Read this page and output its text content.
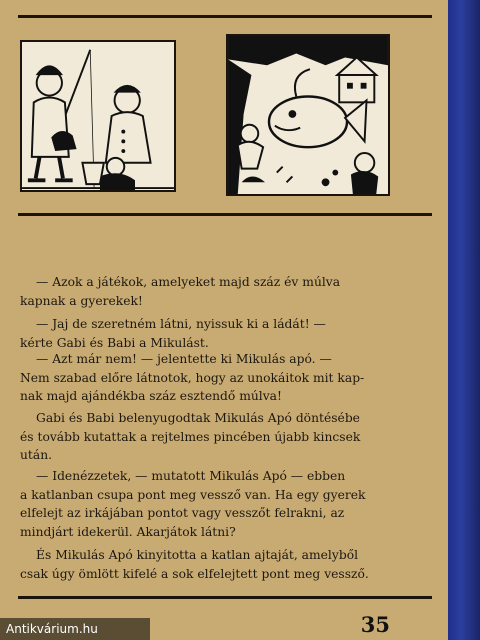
— Azok a játékok, amelyeket majd száz év múlva
kapnak a gyerekek!

— Jaj de szeretném látni, nyissuk ki a ládát! —
kérte Gabi és Babi a Mikulást.

— Azt már nem! — jelentette ki Mikulás apó. —
Nem szabad előre látnotok, hogy az unokáitok mit kap-
nak majd ajándékba száz esztendő múlva!

Gabi és Babi belenyugodtak Mikulás Apó döntésébe
és tovább kutattak a rejtelmes pincében újabb kincsek
után.

— Idenézzetek, — mutatott Mikulás Apó — ebben
a katlanban csupa pont meg vessző van. Ha egy gyerek
elfelejt az irkájában pontot vagy vesszőt felrakni, az
mindjárt idekerül. Akarjátok látni?

És Mikulás Apó kinyitotta a katlan ajtaját, amelyből
csak úgy ömlött kifelé a sok elfelejtett pont meg vessző.

35
Antikvárium.hu
